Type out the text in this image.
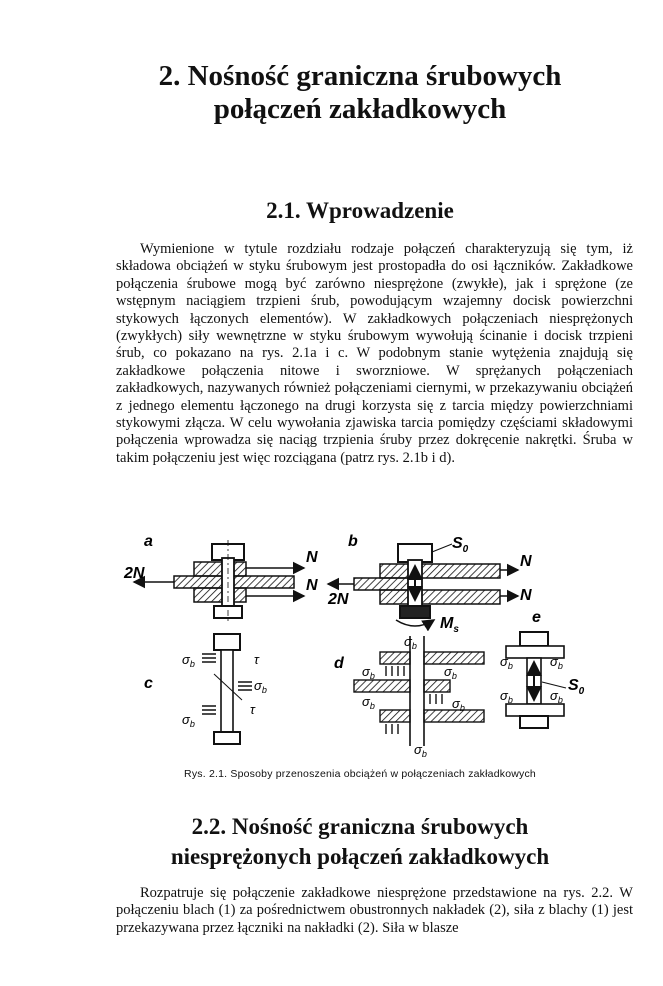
2. Nośność graniczna śrubowych
połączeń zakładkowych
2.1. Wprowadzenie

Wymienione w tytule rozdziału rodzaje połączeń charakteryzują się tym, iż składowa obciążeń w styku śrubowym jest prostopadła do osi łączników. Zakładkowe połączenia śrubowe mogą być zarówno niesprężone (zwykłe), jak i sprężone (ze wstępnym naciągiem trzpieni śrub, powodującym wzajemny docisk powierzchni stykowych łączonych elementów). W zakładkowych połączeniach niesprężonych (zwykłych) siły wewnętrzne w styku śrubowym wywołują ścinanie i docisk trzpieni śrub, co pokazano na rys. 2.1a i c. W podobnym stanie wytężenia znajdują się zakładkowe połączenia nitowe i sworzniowe. W sprężanych połączeniach zakładkowych, nazywanych również połączeniami ciernymi, w przekazywaniu obciążeń z jednego elementu łączonego na drugi korzysta się z tarcia między powierzchniami stykowymi złącza. W celu wywołania zjawiska tarcia pomiędzy częściami składowymi połączenia wprowadza się naciąg trzpienia śruby przez dokręcenie nakrętki. Śruba w takim połączeniu jest więc rozciągana (patrz rys. 2.1b i d).

a
2N
N
N
b
2N
N
N
$S_0$
$M_s$
c
$\sigma_b$
$\sigma_b$
$\sigma_b$
τ
τ
d
$\sigma_b$
$\sigma_b$	$\sigma_b$
$\sigma_b$	$\sigma_b$
$\sigma_b$
e
$\sigma_b$	$\sigma_b$
$\sigma_b$	$\sigma_b$
$S_0$

Rys. 2.1. Sposoby przenoszenia obciążeń w połączeniach zakładkowych

2.2. Nośność graniczna śrubowych
niesprężonych połączeń zakładkowych

Rozpatruje się połączenie zakładkowe niesprężone przedstawione na rys. 2.2. W połączeniu blach (1) za pośrednictwem obustronnych nakładek (2), siła z blachy (1) jest przekazywana przez łączniki na nakładki (2). Siła w blasze
